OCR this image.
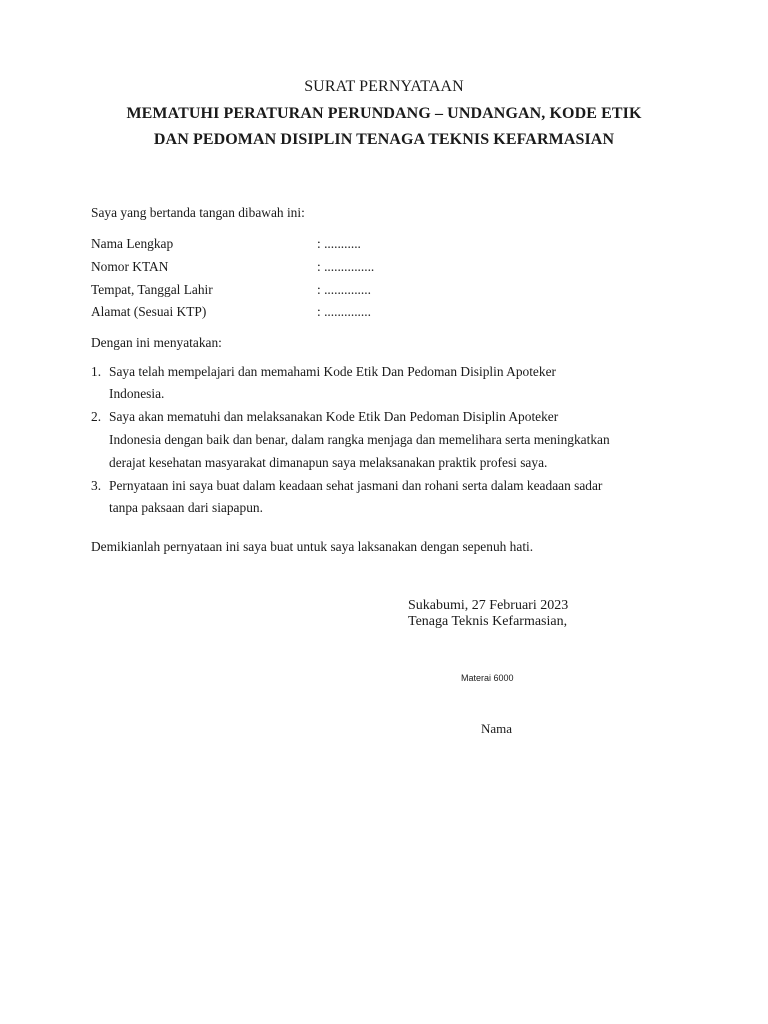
SURAT PERNYATAAN

MEMATUHI PERATURAN PERUNDANG – UNDANGAN, KODE ETIK

DAN PEDOMAN DISIPLIN TENAGA TEKNIS KEFARMASIAN

Saya yang bertanda tangan dibawah ini:

Nama Lengkap	: ...........

Nomor KTAN	: ...............

Tempat, Tanggal Lahir	: ..............

Alamat (Sesuai KTP)	: ..............

Dengan ini menyatakan:

1. Saya telah mempelajari dan memahami Kode Etik Dan Pedoman Disiplin Apoteker

Indonesia.

2. Saya akan mematuhi dan melaksanakan Kode Etik Dan Pedoman Disiplin Apoteker

Indonesia dengan baik dan benar, dalam rangka menjaga dan memelihara serta meningkatkan

derajat kesehatan masyarakat dimanapun saya melaksanakan praktik profesi saya.

3. Pernyataan ini saya buat dalam keadaan sehat jasmani dan rohani serta dalam keadaan sadar

tanpa paksaan dari siapapun.

Demikianlah pernyataan ini saya buat untuk saya laksanakan dengan sepenuh hati.

Sukabumi, 27 Februari 2023

Tenaga Teknis Kefarmasian,

Materai 6000

Nama
